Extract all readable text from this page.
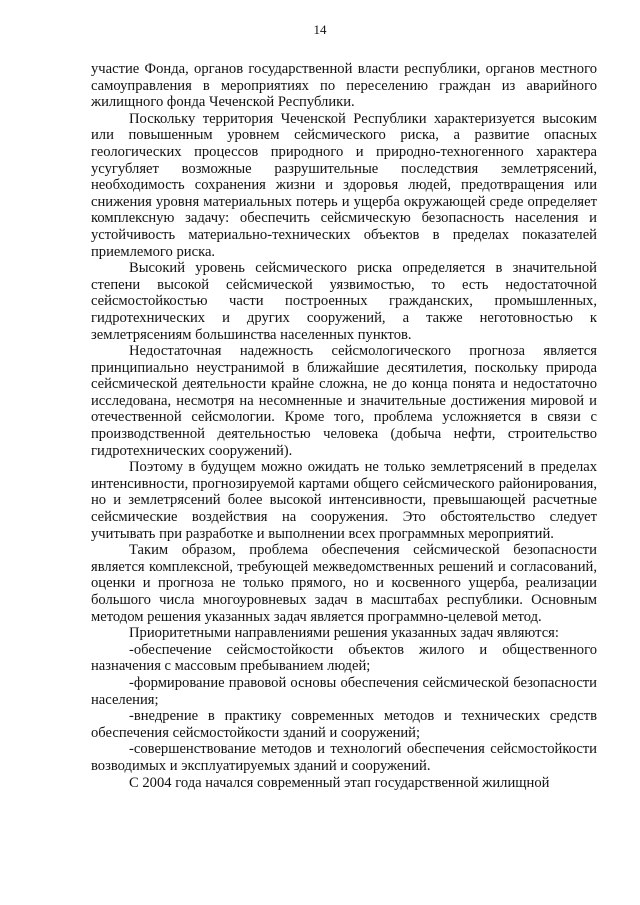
14

участие Фонда, органов государственной власти республики, органов местного самоуправления в мероприятиях по переселению граждан из аварийного жилищного фонда Чеченской Республики.

Поскольку территория Чеченской Республики характеризуется высоким или повышенным уровнем сейсмического риска, а развитие опасных геологических процессов природного и природно-техногенного характера усугубляет возможные разрушительные последствия землетрясений, необходимость сохранения жизни и здоровья людей, предотвращения или снижения уровня материальных потерь и ущерба окружающей среде определяет комплексную задачу: обеспечить сейсмическую безопасность населения и устойчивость материально-технических объектов в пределах показателей приемлемого риска.

Высокий уровень сейсмического риска определяется в значительной степени высокой сейсмической уязвимостью, то есть недостаточной сейсмостойкостью части построенных гражданских, промышленных, гидротехнических и других сооружений, а также неготовностью к землетрясениям большинства населенных пунктов.

Недостаточная надежность сейсмологического прогноза является принципиально неустранимой в ближайшие десятилетия, поскольку природа сейсмической деятельности крайне сложна, не до конца понята и недостаточно исследована, несмотря на несомненные и значительные достижения мировой и отечественной сейсмологии. Кроме того, проблема усложняется в связи с производственной деятельностью человека (добыча нефти, строительство гидротехнических сооружений).

Поэтому в будущем можно ожидать не только землетрясений в пределах интенсивности, прогнозируемой картами общего сейсмического районирования, но и землетрясений более высокой интенсивности, превышающей расчетные сейсмические воздействия на сооружения. Это обстоятельство следует учитывать при разработке и выполнении всех программных мероприятий.

Таким образом, проблема обеспечения сейсмической безопасности является комплексной, требующей межведомственных решений и согласований, оценки и прогноза не только прямого, но и косвенного ущерба, реализации большого числа многоуровневых задач в масштабах республики. Основным методом решения указанных задач является программно-целевой метод.

Приоритетными направлениями решения указанных задач являются:

-обеспечение сейсмостойкости объектов жилого и общественного назначения с массовым пребыванием людей;

-формирование правовой основы обеспечения сейсмической безопасности населения;

-внедрение в практику современных методов и технических средств обеспечения сейсмостойкости зданий и сооружений;

-совершенствование методов и технологий обеспечения сейсмостойкости возводимых и эксплуатируемых зданий и сооружений.

С 2004 года начался современный этап государственной жилищной
